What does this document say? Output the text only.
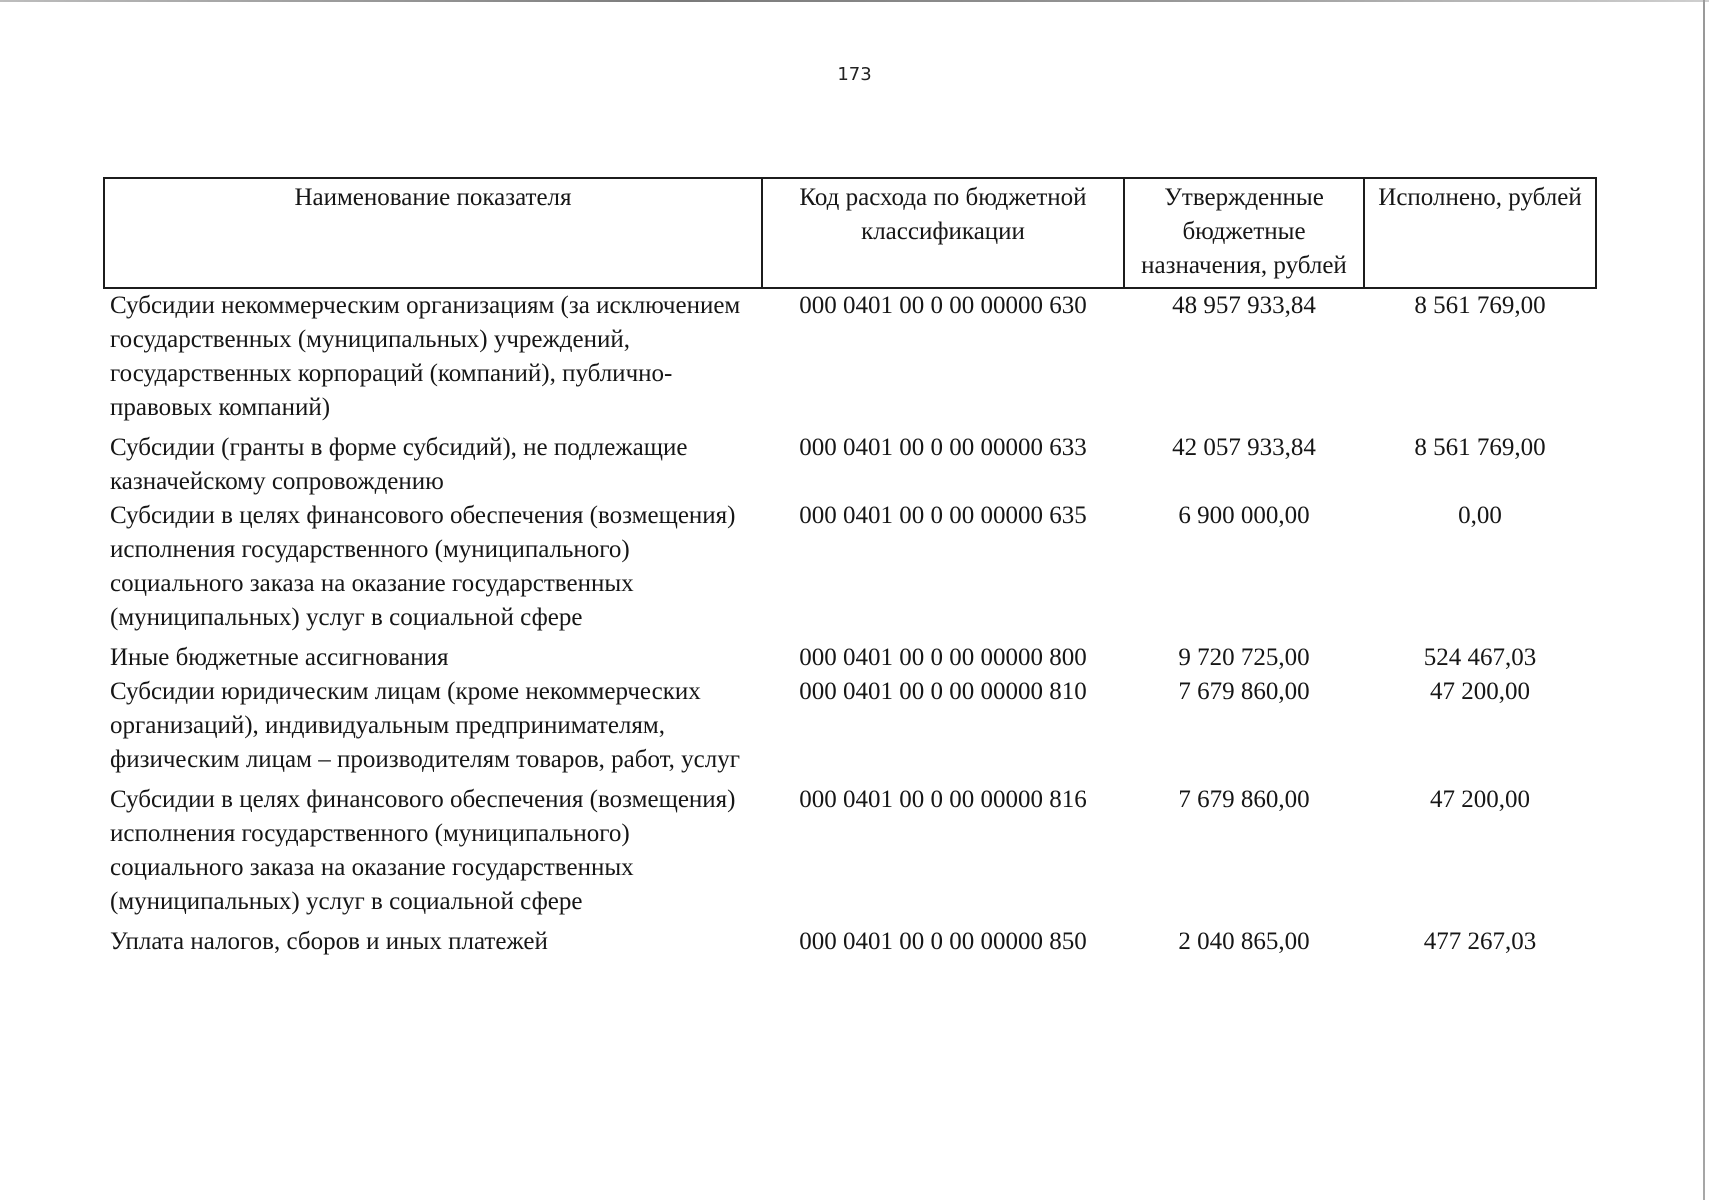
173
Наименование показателя	Код расхода по бюджетной классификации	Утвержденные бюджетные назначения, рублей	Исполнено, рублей
Субсидии некоммерческим организациям (за исключением государственных (муниципальных) учреждений, государственных корпораций (компаний), публично-правовых компаний)	000 0401 00 0 00 00000 630	48 957 933,84	8 561 769,00
Субсидии (гранты в форме субсидий), не подлежащие казначейскому сопровождению	000 0401 00 0 00 00000 633	42 057 933,84	8 561 769,00
Субсидии в целях финансового обеспечения (возмещения) исполнения государственного (муниципального) социального заказа на оказание государственных (муниципальных) услуг в социальной сфере	000 0401 00 0 00 00000 635	6 900 000,00	0,00
Иные бюджетные ассигнования	000 0401 00 0 00 00000 800	9 720 725,00	524 467,03
Субсидии юридическим лицам (кроме некоммерческих организаций), индивидуальным предпринимателям, физическим лицам – производителям товаров, работ, услуг	000 0401 00 0 00 00000 810	7 679 860,00	47 200,00
Субсидии в целях финансового обеспечения (возмещения) исполнения государственного (муниципального) социального заказа на оказание государственных (муниципальных) услуг в социальной сфере	000 0401 00 0 00 00000 816	7 679 860,00	47 200,00
Уплата налогов, сборов и иных платежей	000 0401 00 0 00 00000 850	2 040 865,00	477 267,03
